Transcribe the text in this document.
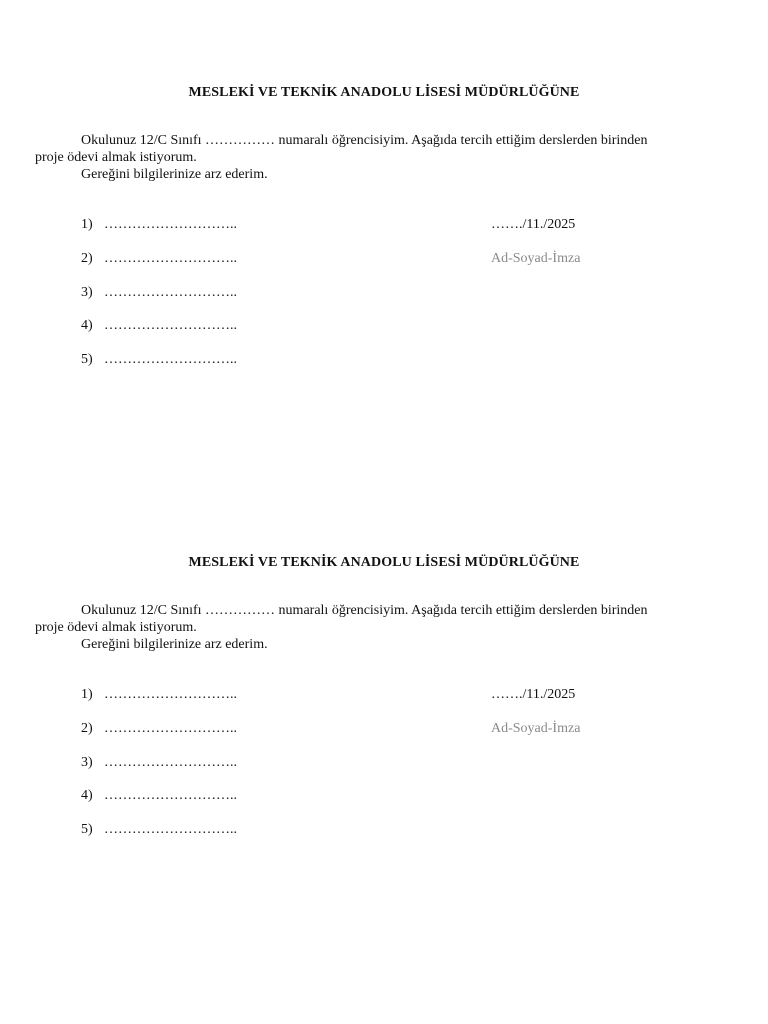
MESLEKİ VE TEKNİK ANADOLU LİSESİ MÜDÜRLÜĞÜNE
Okulunuz 12/C Sınıfı …………… numaralı öğrencisiyim. Aşağıda tercih ettiğim derslerden birinden
proje ödevi almak istiyorum.
Gereğini bilgilerinize arz ederim.
1) ………………………..
2) ………………………..
3) ………………………..
4) ………………………..
5) ………………………..
……./11./2025
Ad-Soyad-İmza
MESLEKİ VE TEKNİK ANADOLU LİSESİ MÜDÜRLÜĞÜNE
Okulunuz 12/C Sınıfı …………… numaralı öğrencisiyim. Aşağıda tercih ettiğim derslerden birinden
proje ödevi almak istiyorum.
Gereğini bilgilerinize arz ederim.
1) ………………………..
2) ………………………..
3) ………………………..
4) ………………………..
5) ………………………..
……./11./2025
Ad-Soyad-İmza
